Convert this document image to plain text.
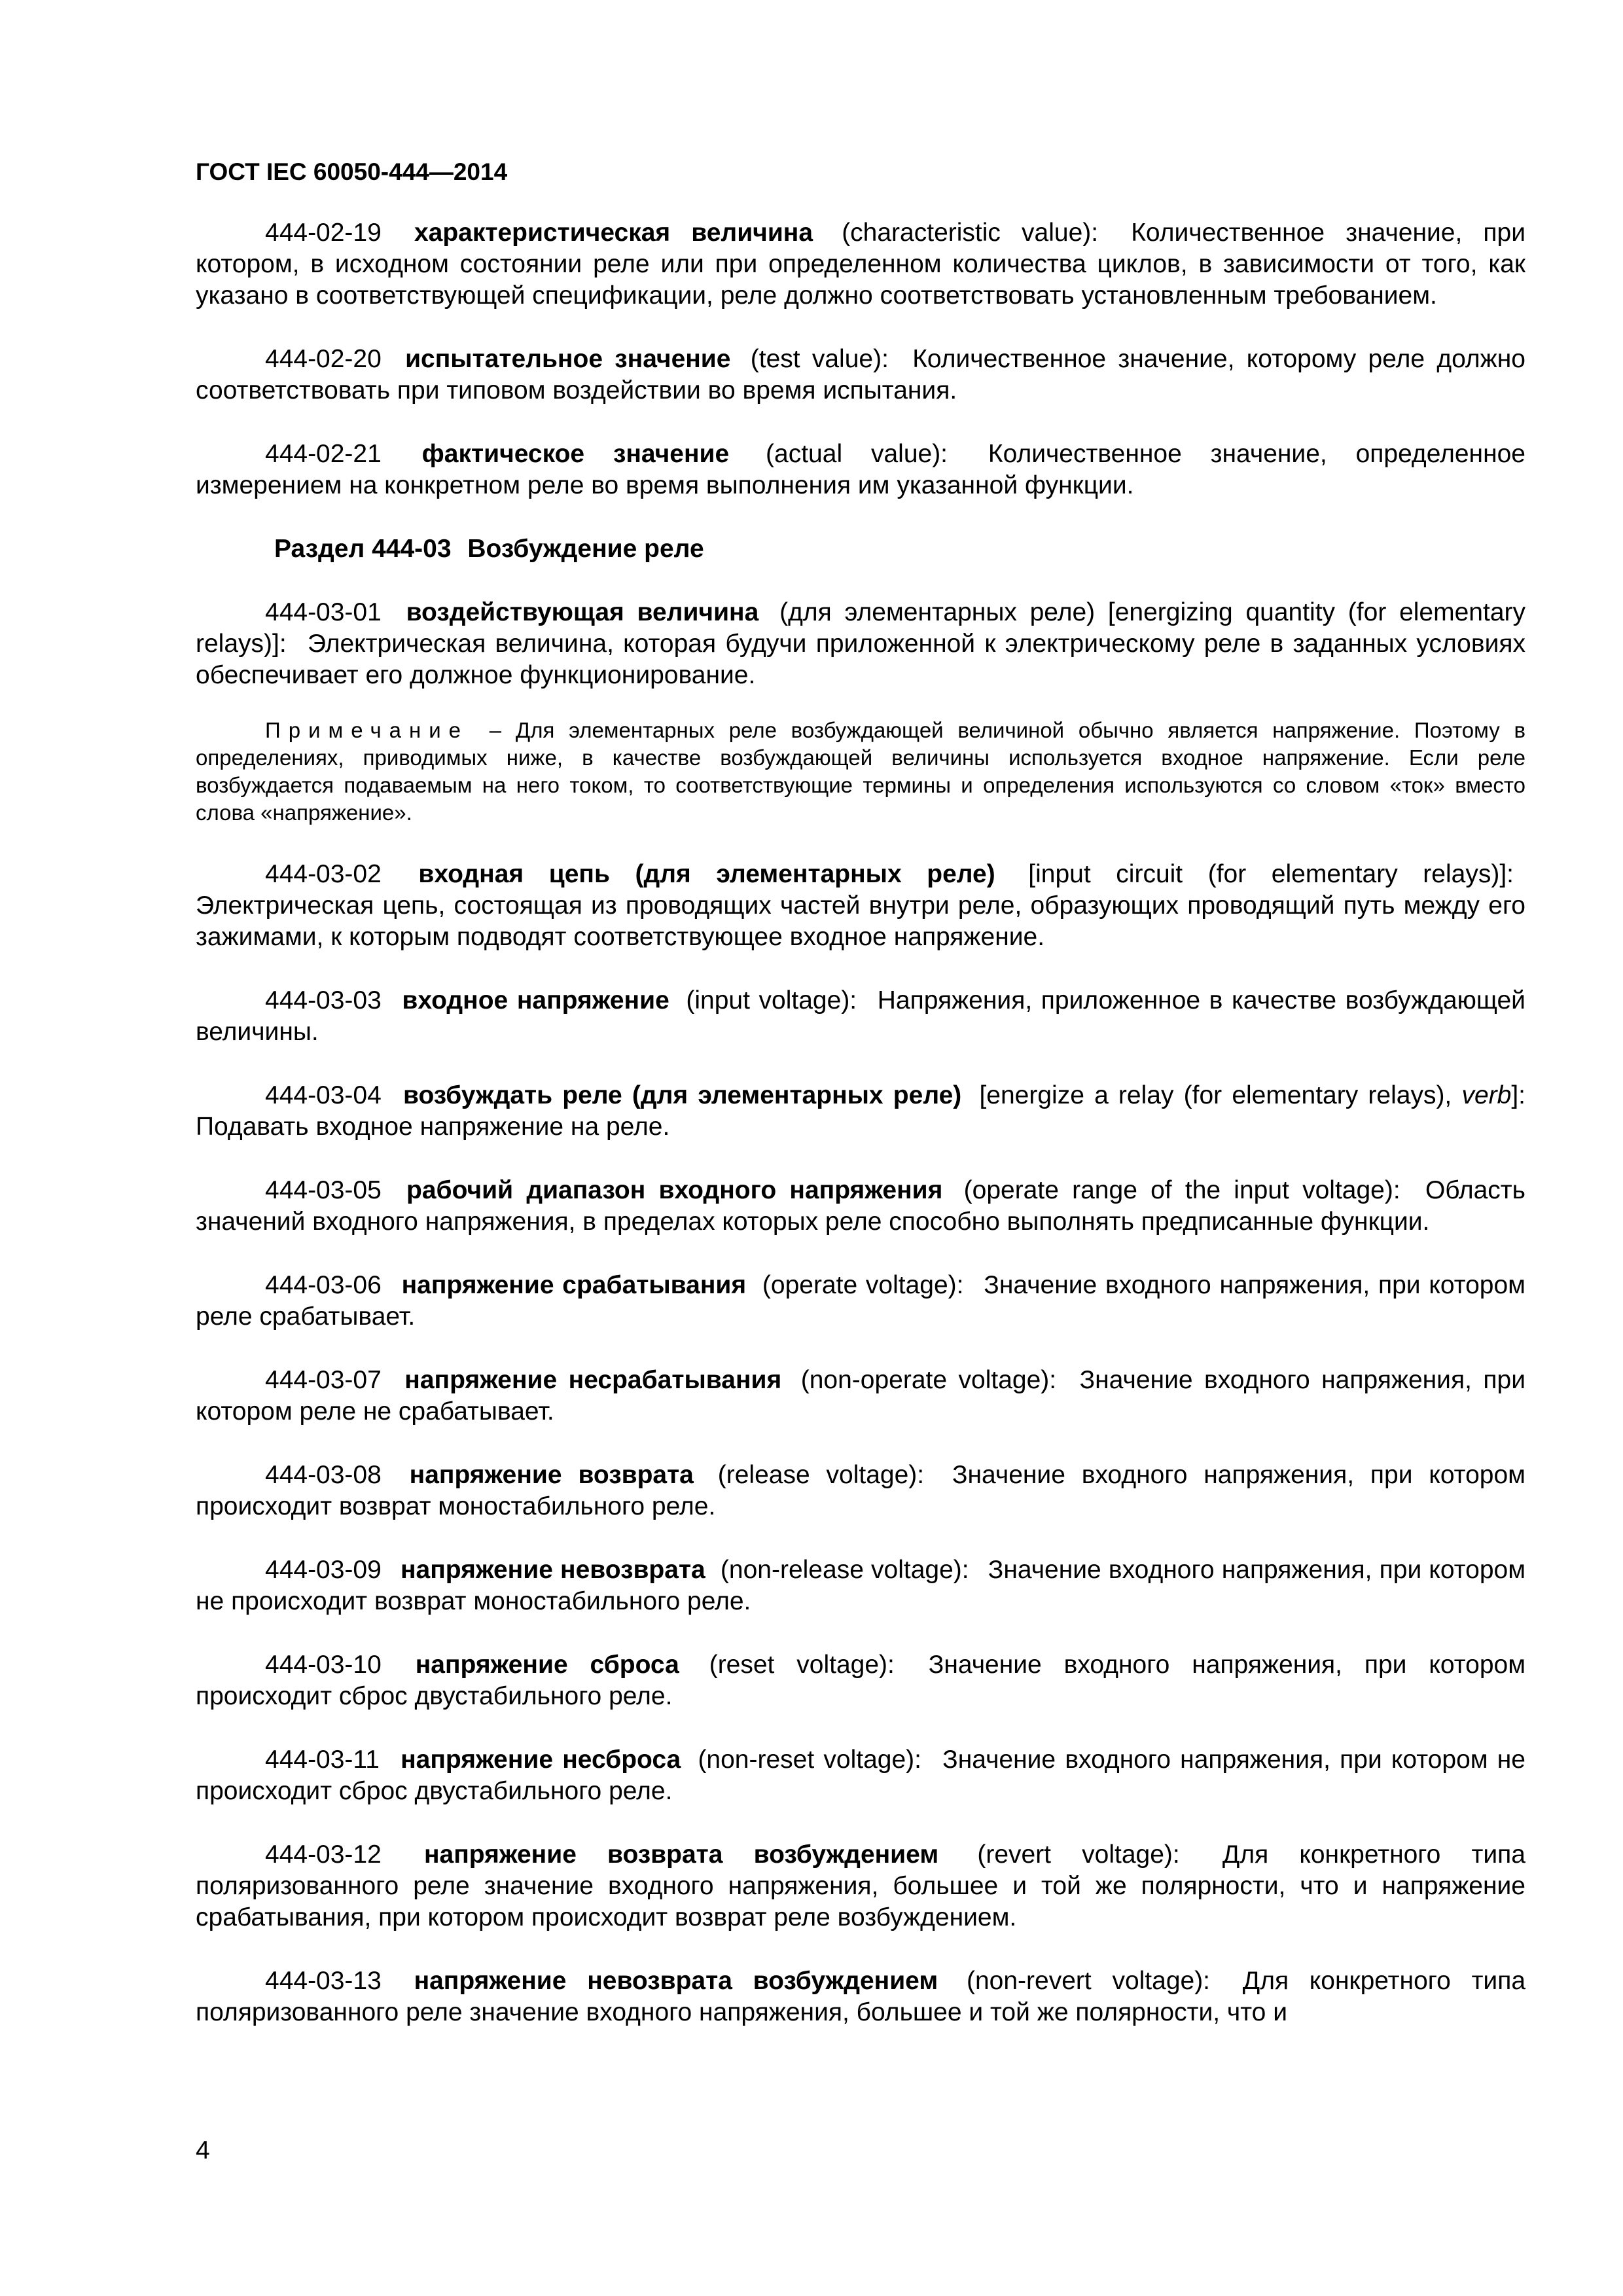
ГОСТ IEC 60050-444—2014

444-02-19 характеристическая величина (characteristic value): Количественное значение, при котором, в исходном состоянии реле или при определенном количества циклов, в зависимости от того, как указано в соответствующей спецификации, реле должно соответствовать установленным требованием.

444-02-20 испытательное значение (test value): Количественное значение, которому реле должно соответствовать при типовом воздействии во время испытания.

444-02-21 фактическое значение (actual value): Количественное значение, определенное измерением на конкретном реле во время выполнения им указанной функции.

Раздел 444-03 Возбуждение реле

444-03-01 воздействующая величина (для элементарных реле) [energizing quantity (for elementary relays)]: Электрическая величина, которая будучи приложенной к электрическому реле в заданных условиях обеспечивает его должное функционирование.

Примечание – Для элементарных реле возбуждающей величиной обычно является напряжение. Поэтому в определениях, приводимых ниже, в качестве возбуждающей величины используется входное напряжение. Если реле возбуждается подаваемым на него током, то соответствующие термины и определения используются со словом «ток» вместо слова «напряжение».

444-03-02 входная цепь (для элементарных реле) [input circuit (for elementary relays)]: Электрическая цепь, состоящая из проводящих частей внутри реле, образующих проводящий путь между его зажимами, к которым подводят соответствующее входное напряжение.

444-03-03 входное напряжение (input voltage): Напряжения, приложенное в качестве возбуждающей величины.

444-03-04 возбуждать реле (для элементарных реле) [energize a relay (for elementary relays), verb]: Подавать входное напряжение на реле.

444-03-05 рабочий диапазон входного напряжения (operate range of the input voltage): Область значений входного напряжения, в пределах которых реле способно выполнять предписанные функции.

444-03-06 напряжение срабатывания (operate voltage): Значение входного напряжения, при котором реле срабатывает.

444-03-07 напряжение несрабатывания (non-operate voltage): Значение входного напряжения, при котором реле не срабатывает.

444-03-08 напряжение возврата (release voltage): Значение входного напряжения, при котором происходит возврат моностабильного реле.

444-03-09 напряжение невозврата (non-release voltage): Значение входного напряжения, при котором не происходит возврат моностабильного реле.

444-03-10 напряжение сброса (reset voltage): Значение входного напряжения, при котором происходит сброс двустабильного реле.

444-03-11 напряжение несброса (non-reset voltage): Значение входного напряжения, при котором не происходит сброс двустабильного реле.

444-03-12 напряжение возврата возбуждением (revert voltage): Для конкретного типа поляризованного реле значение входного напряжения, большее и той же полярности, что и напряжение срабатывания, при котором происходит возврат реле возбуждением.

444-03-13 напряжение невозврата возбуждением (non-revert voltage): Для конкретного типа поляризованного реле значение входного напряжения, большее и той же полярности, что и

4
